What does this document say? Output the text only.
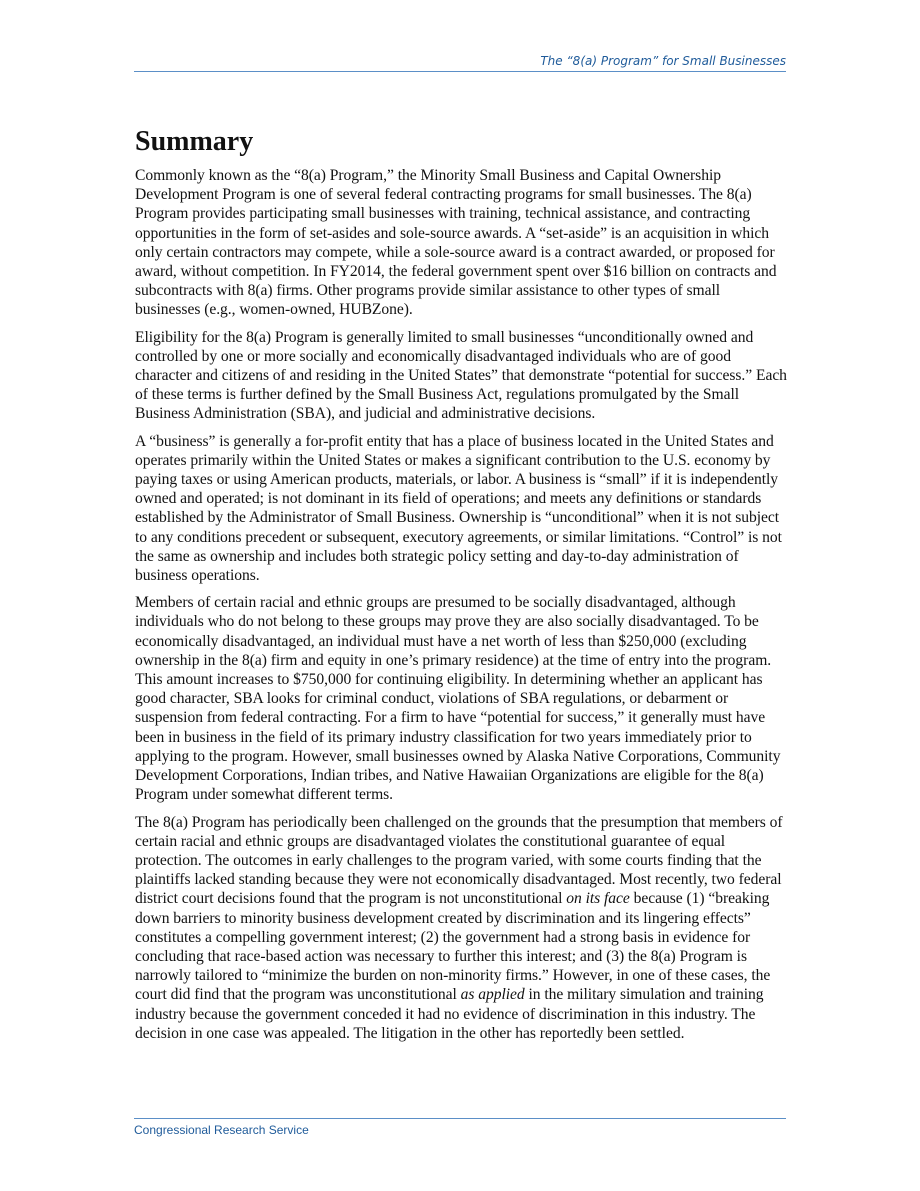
The “8(a) Program” for Small Businesses
Summary

Commonly known as the “8(a) Program,” the Minority Small Business and Capital Ownership Development Program is one of several federal contracting programs for small businesses. The 8(a) Program provides participating small businesses with training, technical assistance, and contracting opportunities in the form of set-asides and sole-source awards. A “set-aside” is an acquisition in which only certain contractors may compete, while a sole-source award is a contract awarded, or proposed for award, without competition. In FY2014, the federal government spent over $16 billion on contracts and subcontracts with 8(a) firms. Other programs provide similar assistance to other types of small businesses (e.g., women-owned, HUBZone).

Eligibility for the 8(a) Program is generally limited to small businesses “unconditionally owned and controlled by one or more socially and economically disadvantaged individuals who are of good character and citizens of and residing in the United States” that demonstrate “potential for success.” Each of these terms is further defined by the Small Business Act, regulations promulgated by the Small Business Administration (SBA), and judicial and administrative decisions.

A “business” is generally a for-profit entity that has a place of business located in the United States and operates primarily within the United States or makes a significant contribution to the U.S. economy by paying taxes or using American products, materials, or labor. A business is “small” if it is independently owned and operated; is not dominant in its field of operations; and meets any definitions or standards established by the Administrator of Small Business. Ownership is “unconditional” when it is not subject to any conditions precedent or subsequent, executory agreements, or similar limitations. “Control” is not the same as ownership and includes both strategic policy setting and day-to-day administration of business operations.

Members of certain racial and ethnic groups are presumed to be socially disadvantaged, although individuals who do not belong to these groups may prove they are also socially disadvantaged. To be economically disadvantaged, an individual must have a net worth of less than $250,000 (excluding ownership in the 8(a) firm and equity in one’s primary residence) at the time of entry into the program. This amount increases to $750,000 for continuing eligibility. In determining whether an applicant has good character, SBA looks for criminal conduct, violations of SBA regulations, or debarment or suspension from federal contracting. For a firm to have “potential for success,” it generally must have been in business in the field of its primary industry classification for two years immediately prior to applying to the program. However, small businesses owned by Alaska Native Corporations, Community Development Corporations, Indian tribes, and Native Hawaiian Organizations are eligible for the 8(a) Program under somewhat different terms.

The 8(a) Program has periodically been challenged on the grounds that the presumption that members of certain racial and ethnic groups are disadvantaged violates the constitutional guarantee of equal protection. The outcomes in early challenges to the program varied, with some courts finding that the plaintiffs lacked standing because they were not economically disadvantaged. Most recently, two federal district court decisions found that the program is not unconstitutional on its face because (1) “breaking down barriers to minority business development created by discrimination and its lingering effects” constitutes a compelling government interest; (2) the government had a strong basis in evidence for concluding that race-based action was necessary to further this interest; and (3) the 8(a) Program is narrowly tailored to “minimize the burden on non-minority firms.” However, in one of these cases, the court did find that the program was unconstitutional as applied in the military simulation and training industry because the government conceded it had no evidence of discrimination in this industry. The decision in one case was appealed. The litigation in the other has reportedly been settled.

Congressional Research Service
